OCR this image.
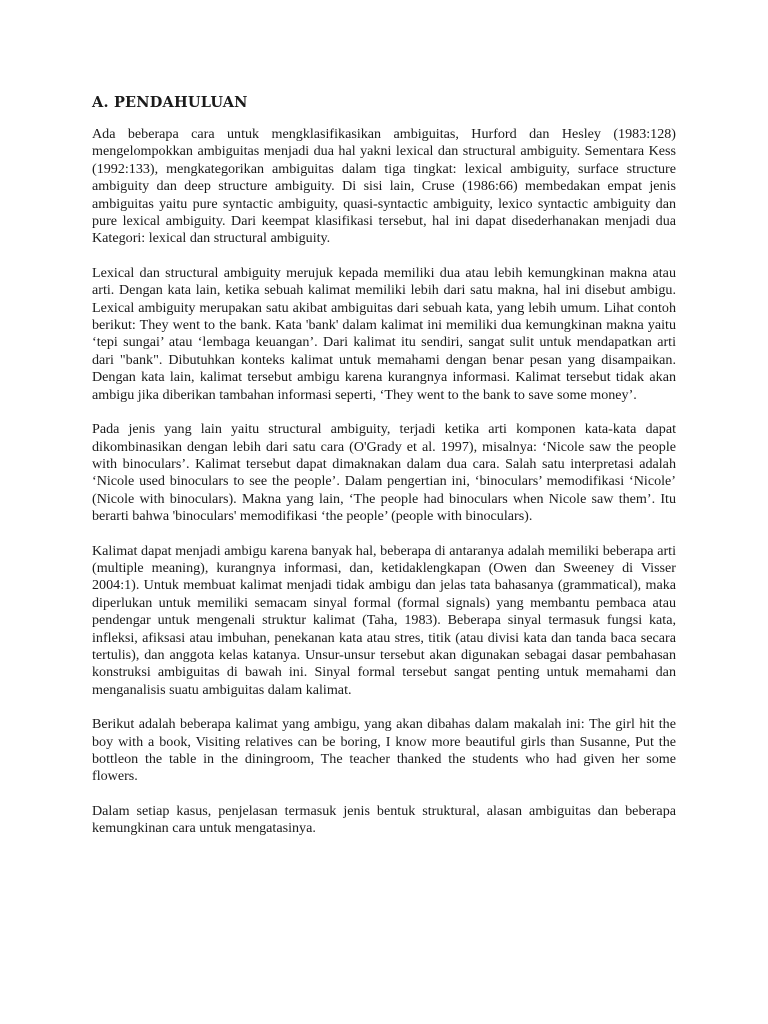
A. PENDAHULUAN

Ada beberapa cara untuk mengklasifikasikan ambiguitas, Hurford dan Hesley (1983:128) mengelompokkan ambiguitas menjadi dua hal yakni lexical dan structural ambiguity. Sementara Kess (1992:133), mengkategorikan ambiguitas dalam tiga tingkat: lexical ambiguity, surface structure ambiguity dan deep structure ambiguity. Di sisi lain, Cruse (1986:66) membedakan empat jenis ambiguitas yaitu pure syntactic ambiguity, quasi-syntactic ambiguity, lexico syntactic ambiguity dan pure lexical ambiguity. Dari keempat klasifikasi tersebut, hal ini dapat disederhanakan menjadi dua Kategori: lexical dan structural ambiguity.

Lexical dan structural ambiguity merujuk kepada memiliki dua atau lebih kemungkinan makna atau arti. Dengan kata lain, ketika sebuah kalimat memiliki lebih dari satu makna, hal ini disebut ambigu. Lexical ambiguity merupakan satu akibat ambiguitas dari sebuah kata, yang lebih umum. Lihat contoh berikut: They went to the bank. Kata 'bank' dalam kalimat ini memiliki dua kemungkinan makna yaitu ‘tepi sungai’ atau ‘lembaga keuangan’. Dari kalimat itu sendiri, sangat sulit untuk mendapatkan arti dari "bank". Dibutuhkan konteks kalimat untuk memahami dengan benar pesan yang disampaikan. Dengan kata lain, kalimat tersebut ambigu karena kurangnya informasi. Kalimat tersebut tidak akan ambigu jika diberikan tambahan informasi seperti, ‘They went to the bank to save some money’.

Pada jenis yang lain yaitu structural ambiguity, terjadi ketika arti komponen kata-kata dapat dikombinasikan dengan lebih dari satu cara (O'Grady et al. 1997), misalnya: ‘Nicole saw the people with binoculars’. Kalimat tersebut dapat dimaknakan dalam dua cara. Salah satu interpretasi adalah ‘Nicole used binoculars to see the people’. Dalam pengertian ini, ‘binoculars’ memodifikasi ‘Nicole’ (Nicole with binoculars). Makna yang lain, ‘The people had binoculars when Nicole saw them’. Itu berarti bahwa 'binoculars' memodifikasi ‘the people’ (people with binoculars).

Kalimat dapat menjadi ambigu karena banyak hal, beberapa di antaranya adalah memiliki beberapa arti (multiple meaning), kurangnya informasi, dan, ketidaklengkapan (Owen dan Sweeney di Visser 2004:1). Untuk membuat kalimat menjadi tidak ambigu dan jelas tata bahasanya (grammatical), maka diperlukan untuk memiliki semacam sinyal formal (formal signals) yang membantu pembaca atau pendengar untuk mengenali struktur kalimat (Taha, 1983). Beberapa sinyal termasuk fungsi kata, infleksi, afiksasi atau imbuhan, penekanan kata atau stres, titik (atau divisi kata dan tanda baca secara tertulis), dan anggota kelas katanya. Unsur-unsur tersebut akan digunakan sebagai dasar pembahasan konstruksi ambiguitas di bawah ini. Sinyal formal tersebut sangat penting untuk memahami dan menganalisis suatu ambiguitas dalam kalimat.

Berikut adalah beberapa kalimat yang ambigu, yang akan dibahas dalam makalah ini: The girl hit the boy with a book, Visiting relatives can be boring, I know more beautiful girls than Susanne, Put the bottleon the table in the diningroom, The teacher thanked the students who had given her some flowers.

Dalam setiap kasus, penjelasan termasuk jenis bentuk struktural, alasan ambiguitas dan beberapa kemungkinan cara untuk mengatasinya.
